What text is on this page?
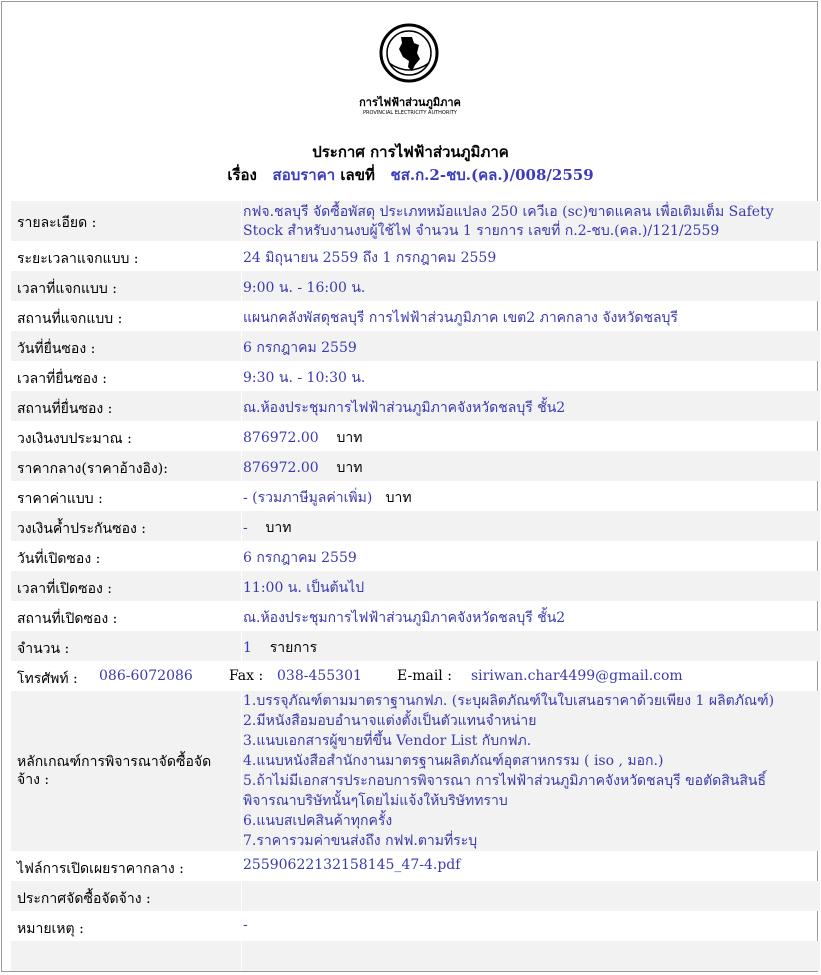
การไฟฟ้าส่วนภูมิภาค
PROVINCIAL ELECTRICITY AUTHORITY
ประกาศ การไฟฟ้าส่วนภูมิภาค
เรื่อง สอบราคา เลขที่ ชส.ก.2-ชบ.(คล.)/008/2559
รายละเอียด :
กฟจ.ชลบุรี จัดซื้อพัสดุ ประเภทหม้อแปลง 250 เควีเอ (sc)ขาดแคลน เพื่อเติมเต็ม Safety
Stock สำหรับงานงบผู้ใช้ไฟ จำนวน 1 รายการ เลขที่ ก.2-ชบ.(คล.)/121/2559
ระยะเวลาแจกแบบ :	24 มิถุนายน 2559 ถึง 1 กรกฎาคม 2559
เวลาที่แจกแบบ :	9:00 น. - 16:00 น.
สถานที่แจกแบบ :	แผนกคลังพัสดุชลบุรี การไฟฟ้าส่วนภูมิภาค เขต2 ภาคกลาง จังหวัดชลบุรี
วันที่ยื่นซอง :	6 กรกฎาคม 2559
เวลาที่ยื่นซอง :	9:30 น. - 10:30 น.
สถานที่ยื่นซอง :	ณ.ห้องประชุมการไฟฟ้าส่วนภูมิภาคจังหวัดชลบุรี ชั้น2
วงเงินงบประมาณ :	876972.00 บาท
ราคากลาง(ราคาอ้างอิง):	876972.00 บาท
ราคาค่าแบบ :	- (รวมภาษีมูลค่าเพิ่ม) บาท
วงเงินค้ำประกันซอง :	- บาท
วันที่เปิดซอง :	6 กรกฎาคม 2559
เวลาที่เปิดซอง :	11:00 น. เป็นต้นไป
สถานที่เปิดซอง :	ณ.ห้องประชุมการไฟฟ้าส่วนภูมิภาคจังหวัดชลบุรี ชั้น2
จำนวน :	1 รายการ
โทรศัพท์ : 086-6072086	Fax : 038-455301	E-mail : siriwan.char4499@gmail.com
หลักเกณฑ์การพิจารณาจัดซื้อจัด
จ้าง :
1.บรรจุภัณฑ์ตามมาตราฐานกฟภ. (ระบุผลิตภัณฑ์ในใบเสนอราคาด้วยเพียง 1 ผลิตภัณฑ์)
2.มีหนังสือมอบอำนาจแต่งตั้งเป็นตัวแทนจำหน่าย
3.แนบเอกสารผู้ขายที่ขึ้น Vendor List กับกฟภ.
4.แนบหนังสือสำนักงานมาตรฐานผลิตภัณฑ์อุตสาหกรรม ( iso , มอก.)
5.ถ้าไม่มีเอกสารประกอบการพิจารณา การไฟฟ้าส่วนภูมิภาคจังหวัดชลบุรี ขอตัดสินสินธิ์
พิจารณาบริษัทนั้นๆโดยไม่แจ้งให้บริษัททราบ
6.แนบสเปคสินค้าทุกครั้ง
7.ราคารวมค่าขนส่งถึง กฟฟ.ตามที่ระบุ
ไฟล์การเปิดเผยราคากลาง :	25590622132158145_47-4.pdf
ประกาศจัดซื้อจัดจ้าง :
หมายเหตุ :	-
